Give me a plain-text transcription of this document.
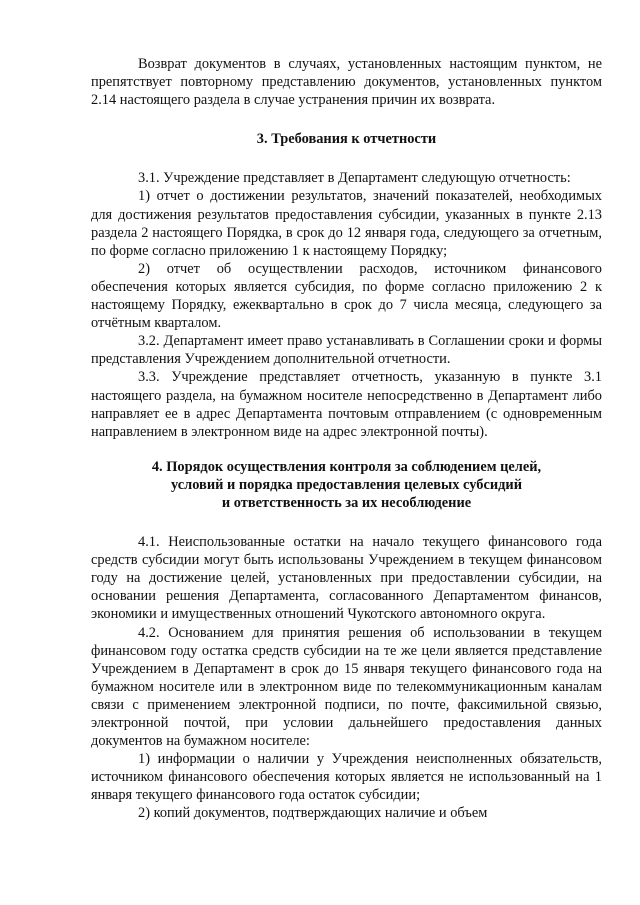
Возврат документов в случаях, установленных настоящим пунктом, не препятствует повторному представлению документов, установленных пунктом 2.14 настоящего раздела в случае устранения причин их возврата.

3. Требования к отчетности

3.1. Учреждение представляет в Департамент следующую отчетность:

1) отчет о достижении результатов, значений показателей, необходимых для достижения результатов предоставления субсидии, указанных в пункте 2.13 раздела 2 настоящего Порядка, в срок до 12 января года, следующего за отчетным, по форме согласно приложению 1 к настоящему Порядку;

2) отчет об осуществлении расходов, источником финансового обеспечения которых является субсидия, по форме согласно приложению 2 к настоящему Порядку, ежеквартально в срок до 7 числа месяца, следующего за отчётным кварталом.

3.2. Департамент имеет право устанавливать в Соглашении сроки и формы представления Учреждением дополнительной отчетности.

3.3. Учреждение представляет отчетность, указанную в пункте 3.1 настоящего раздела, на бумажном носителе непосредственно в Департамент либо направляет ее в адрес Департамента почтовым отправлением (с одновременным направлением в электронном виде на адрес электронной почты).

4. Порядок осуществления контроля за соблюдением целей,
условий и порядка предоставления целевых субсидий
и ответственность за их несоблюдение

4.1. Неиспользованные остатки на начало текущего финансового года средств субсидии могут быть использованы Учреждением в текущем финансовом году на достижение целей, установленных при предоставлении субсидии, на основании решения Департамента, согласованного Департаментом финансов, экономики и имущественных отношений Чукотского автономного округа.

4.2. Основанием для принятия решения об использовании в текущем финансовом году остатка средств субсидии на те же цели является представление Учреждением в Департамент в срок до 15 января текущего финансового года на бумажном носителе или в электронном виде по телекоммуникационным каналам связи с применением электронной подписи, по почте, факсимильной связью, электронной почтой, при условии дальнейшего предоставления данных документов на бумажном носителе:

1) информации о наличии у Учреждения неисполненных обязательств, источником финансового обеспечения которых является не использованный на 1 января текущего финансового года остаток субсидии;

2) копий документов, подтверждающих наличие и объем
